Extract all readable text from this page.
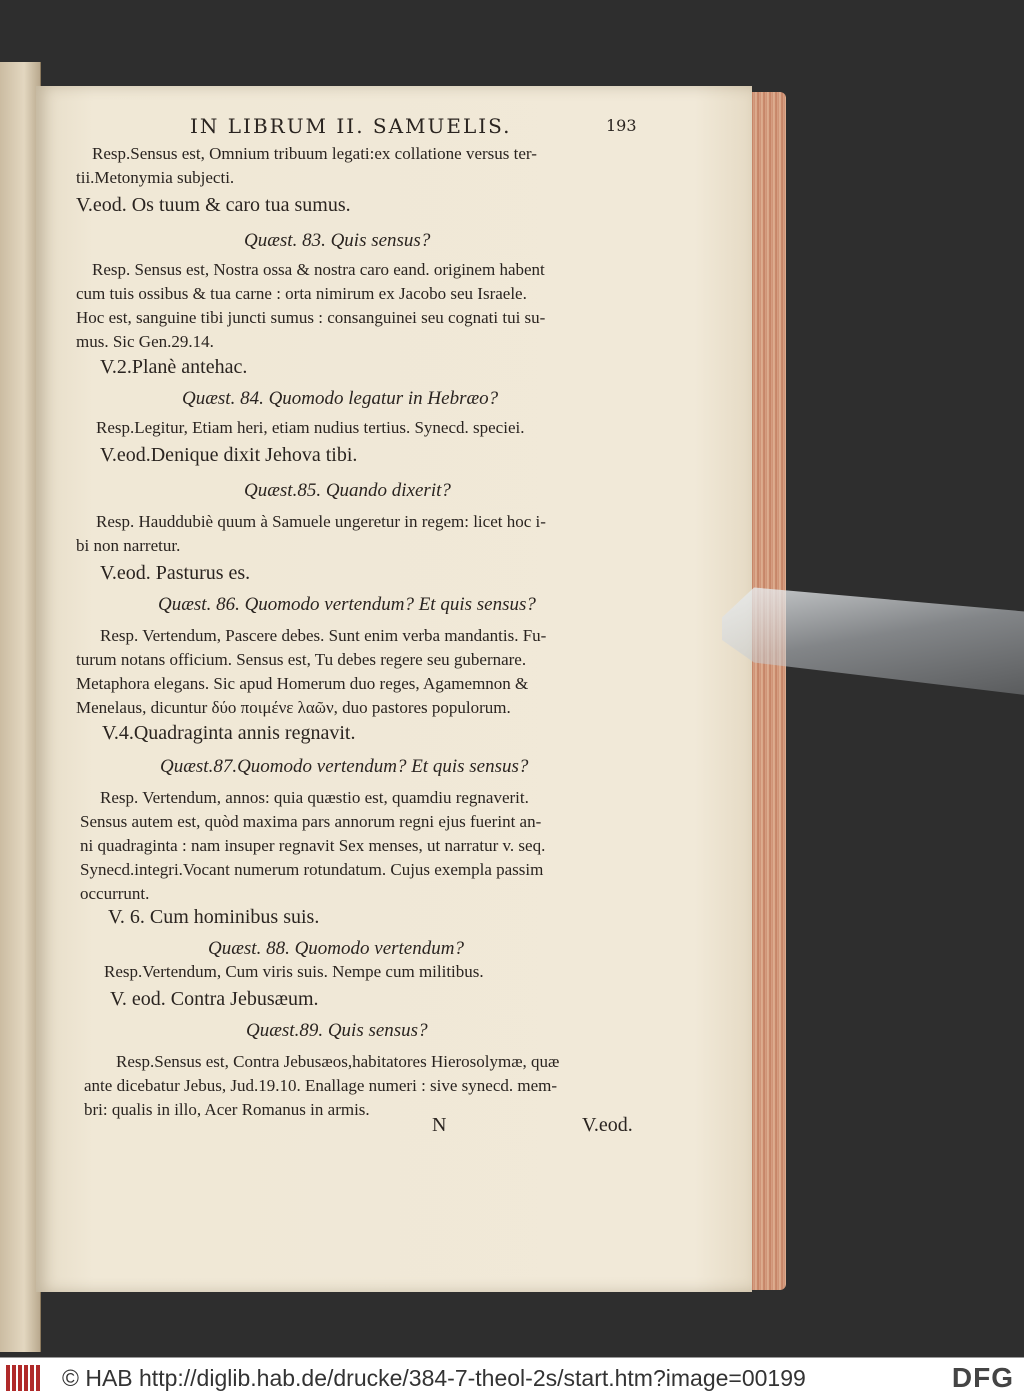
IN LIBRUM II. SAMUELIS.	193
Resp.Sensus est, Omnium tribuum legati:ex collatione versus ter-
tii.Metonymia subjecti.
V.eod. Os tuum & caro tua sumus.
Quæst. 83. Quis sensus?
Resp. Sensus est, Nostra ossa & nostra caro eand. originem habent
cum tuis ossibus & tua carne : orta nimirum ex Jacobo seu Israele.
Hoc est, sanguine tibi juncti sumus : consanguinei seu cognati tui su-
mus. Sic Gen.29.14.
V.2.Planè antehac.
Quæst. 84. Quomodo legatur in Hebræo?
Resp.Legitur, Etiam heri, etiam nudius tertius. Synecd. speciei.
V.eod.Denique dixit Jehova tibi.
Quæst.85. Quando dixerit?
Resp. Hauddubiè quum à Samuele ungeretur in regem: licet hoc i-
bi non narretur.
V.eod. Pasturus es.
Quæst. 86. Quomodo vertendum? Et quis sensus?
Resp. Vertendum, Pascere debes. Sunt enim verba mandantis. Fu-
turum notans officium. Sensus est, Tu debes regere seu gubernare.
Metaphora elegans. Sic apud Homerum duo reges, Agamemnon &
Menelaus, dicuntur δύο ποιμένε λαῶν, duo pastores populorum.
V.4.Quadraginta annis regnavit.
Quæst.87.Quomodo vertendum? Et quis sensus?
Resp. Vertendum, annos: quia quæstio est, quamdiu regnaverit.
Sensus autem est, quòd maxima pars annorum regni ejus fuerint an-
ni quadraginta : nam insuper regnavit Sex menses, ut narratur v. seq.
Synecd.integri.Vocant numerum rotundatum. Cujus exempla passim
occurrunt.
V. 6. Cum hominibus suis.
Quæst. 88. Quomodo vertendum?
Resp.Vertendum, Cum viris suis. Nempe cum militibus.
V. eod. Contra Jebusæum.
Quæst.89. Quis sensus?
Resp.Sensus est, Contra Jebusæos,habitatores Hierosolymæ, quæ
ante dicebatur Jebus, Jud.19.10. Enallage numeri : sive synecd. mem-
bri: qualis in illo, Acer Romanus in armis.
N	V.eod.
© HAB http://diglib.hab.de/drucke/384-7-theol-2s/start.htm?image=00199	DFG
